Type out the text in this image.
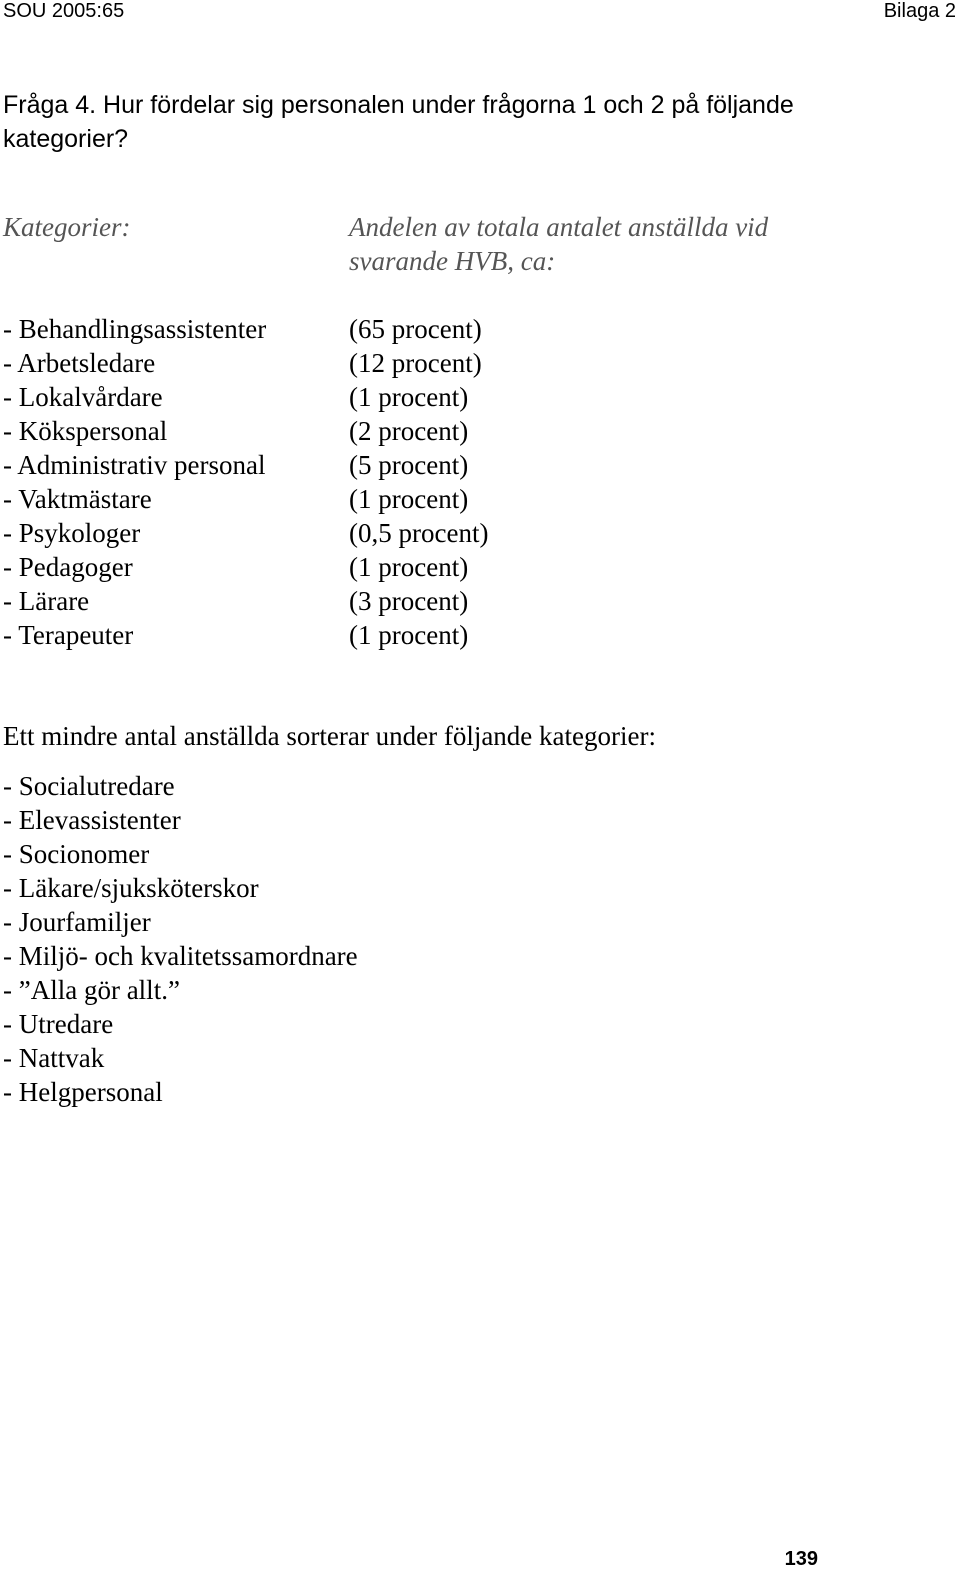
SOU 2005:65	Bilaga 2
Fråga 4. Hur fördelar sig personalen under frågorna 1 och 2 på följande kategorier?
Kategorier:	Andelen av totala antalet anställda vid svarande HVB, ca:
- Behandlingsassistenter	(65 procent)
- Arbetsledare	(12 procent)
- Lokalvårdare	(1 procent)
- Kökspersonal	(2 procent)
- Administrativ personal	(5 procent)
- Vaktmästare	(1 procent)
- Psykologer	(0,5 procent)
- Pedagoger	(1 procent)
- Lärare	(3 procent)
- Terapeuter	(1 procent)
Ett mindre antal anställda sorterar under följande kategorier:
- Socialutredare
- Elevassistenter
- Socionomer
- Läkare/sjuksköterskor
- Jourfamiljer
- Miljö- och kvalitetssamordnare
- ”Alla gör allt.”
- Utredare
- Nattvak
- Helgpersonal
139
